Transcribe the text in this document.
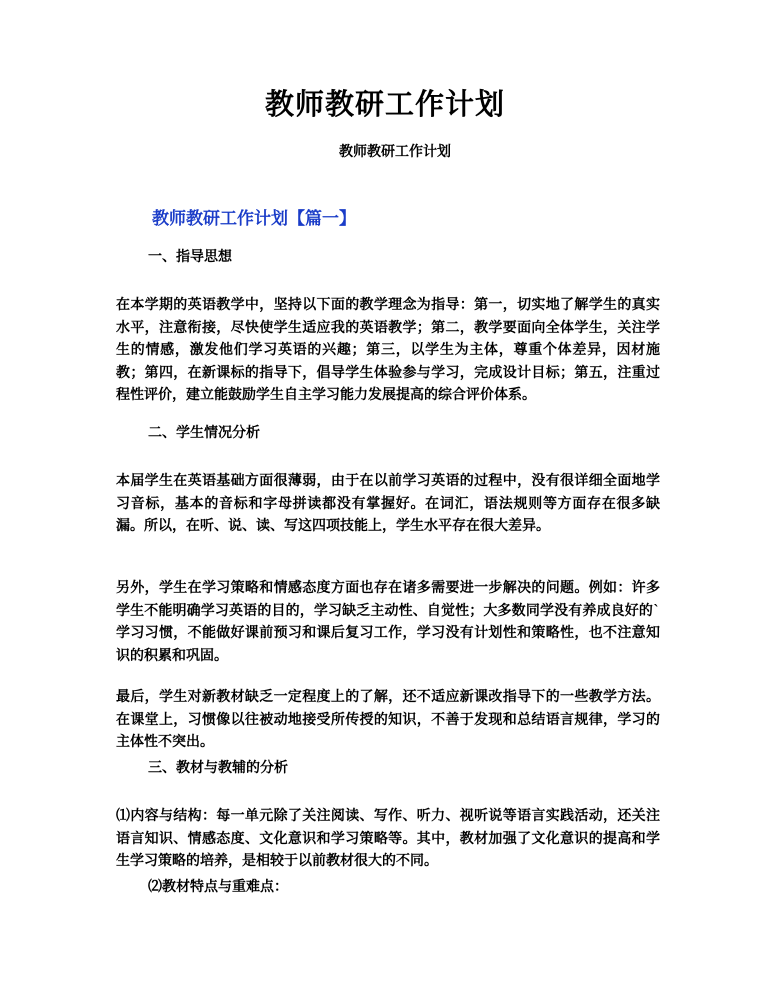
教师教研工作计划
教师教研工作计划
教师教研工作计划【篇一】
一、指导思想

在本学期的英语教学中，坚持以下面的教学理念为指导：第一，切实地了解学生的真实水平，注意衔接，尽快使学生适应我的英语教学；第二，教学要面向全体学生，关注学生的情感，激发他们学习英语的兴趣；第三，以学生为主体，尊重个体差异，因材施教；第四，在新课标的指导下，倡导学生体验参与学习，完成设计目标；第五，注重过程性评价，建立能鼓励学生自主学习能力发展提高的综合评价体系。

二、学生情况分析

本届学生在英语基础方面很薄弱，由于在以前学习英语的过程中，没有很详细全面地学习音标，基本的音标和字母拼读都没有掌握好。在词汇，语法规则等方面存在很多缺漏。所以，在听、说、读、写这四项技能上，学生水平存在很大差异。

另外，学生在学习策略和情感态度方面也存在诸多需要进一步解决的问题。例如：许多学生不能明确学习英语的目的，学习缺乏主动性、自觉性；大多数同学没有养成良好的`学习习惯，不能做好课前预习和课后复习工作，学习没有计划性和策略性，也不注意知识的积累和巩固。

最后，学生对新教材缺乏一定程度上的了解，还不适应新课改指导下的一些教学方法。在课堂上，习惯像以往被动地接受所传授的知识，不善于发现和总结语言规律，学习的主体性不突出。

三、教材与教辅的分析

⑴内容与结构：每一单元除了关注阅读、写作、听力、视听说等语言实践活动，还关注语言知识、情感态度、文化意识和学习策略等。其中，教材加强了文化意识的提高和学生学习策略的培养，是相较于以前教材很大的不同。

⑵教材特点与重难点：
